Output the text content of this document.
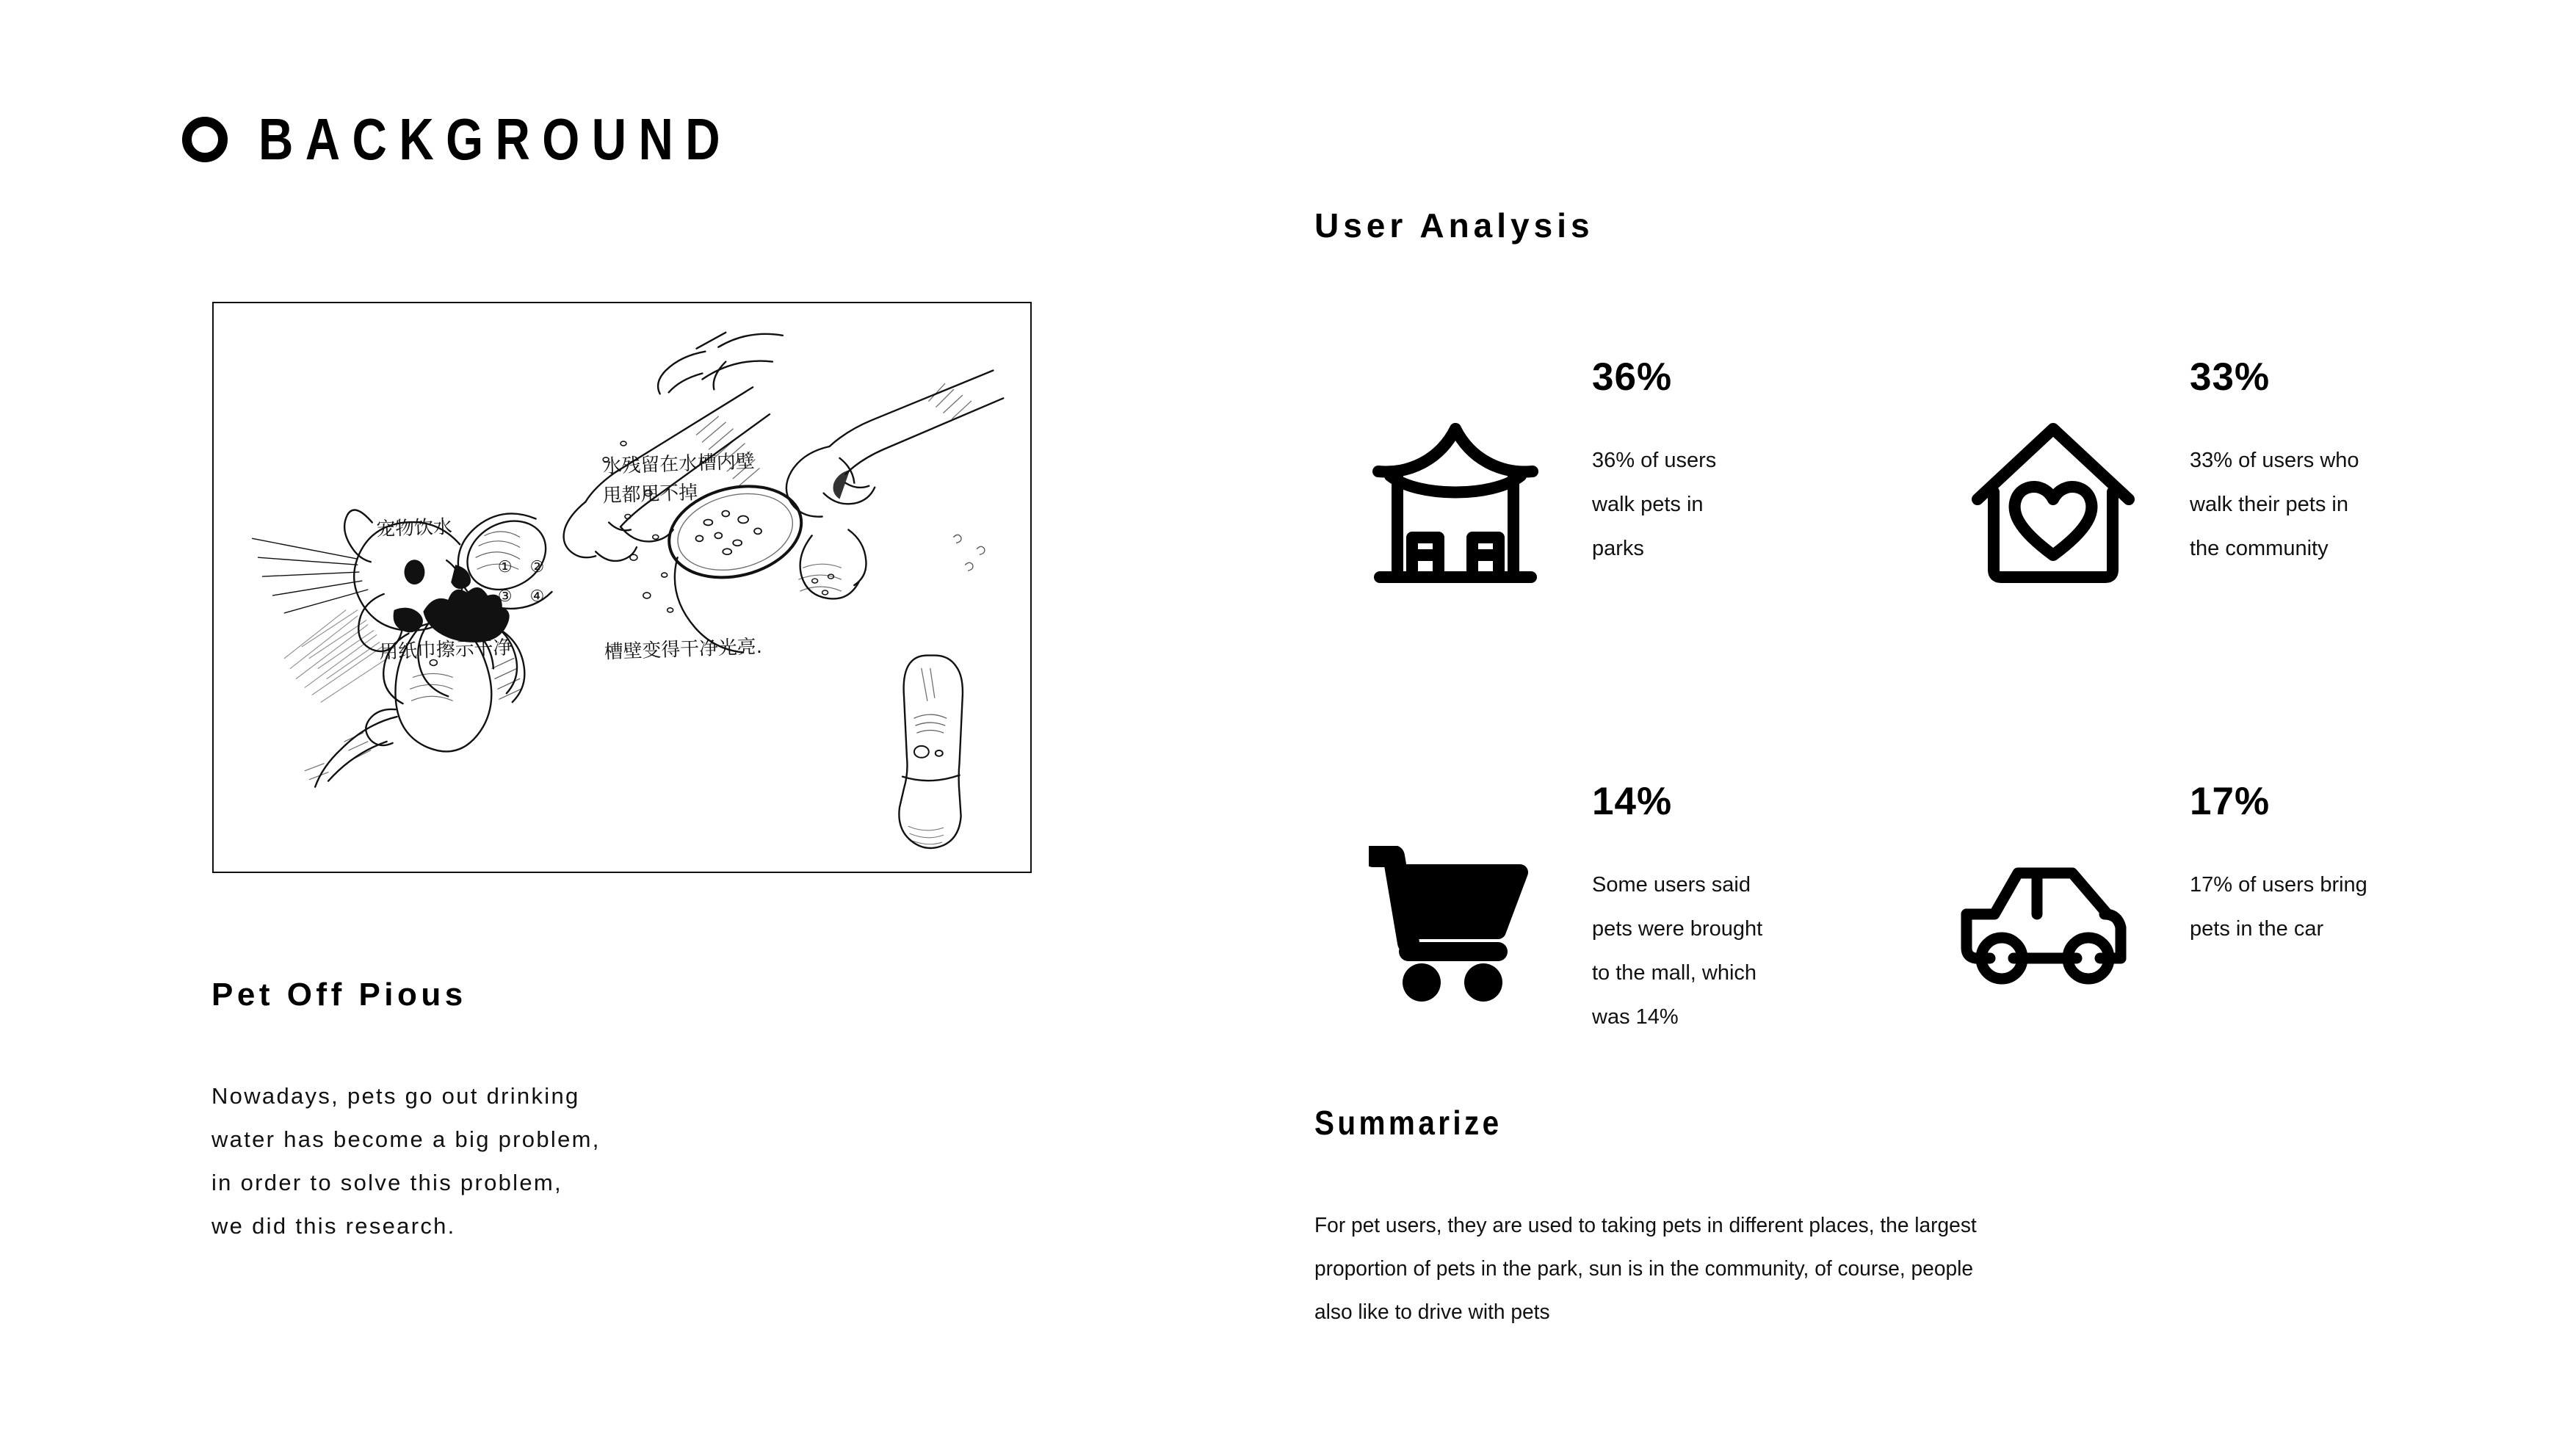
BACKGROUND
宠物饮水
水残留在水槽内壁
甩都甩不掉
用纸巾擦示干净	槽壁变得干净光亮.
① ②
③ ④
Pet Off Pious
Nowadays, pets go out drinking
water has become a big problem,
in order to solve this problem,
we did this research.
User Analysis
36%
36% of users
walk pets in
parks
33%
33% of users who
walk their pets in
the community
14%
Some users said
pets were brought
to the mall, which
was 14%
17%
17% of users bring
pets in the car
Summarize
For pet users, they are used to taking pets in different places, the largest
proportion of pets in the park, sun is in the community, of course, people
also like to drive with pets
